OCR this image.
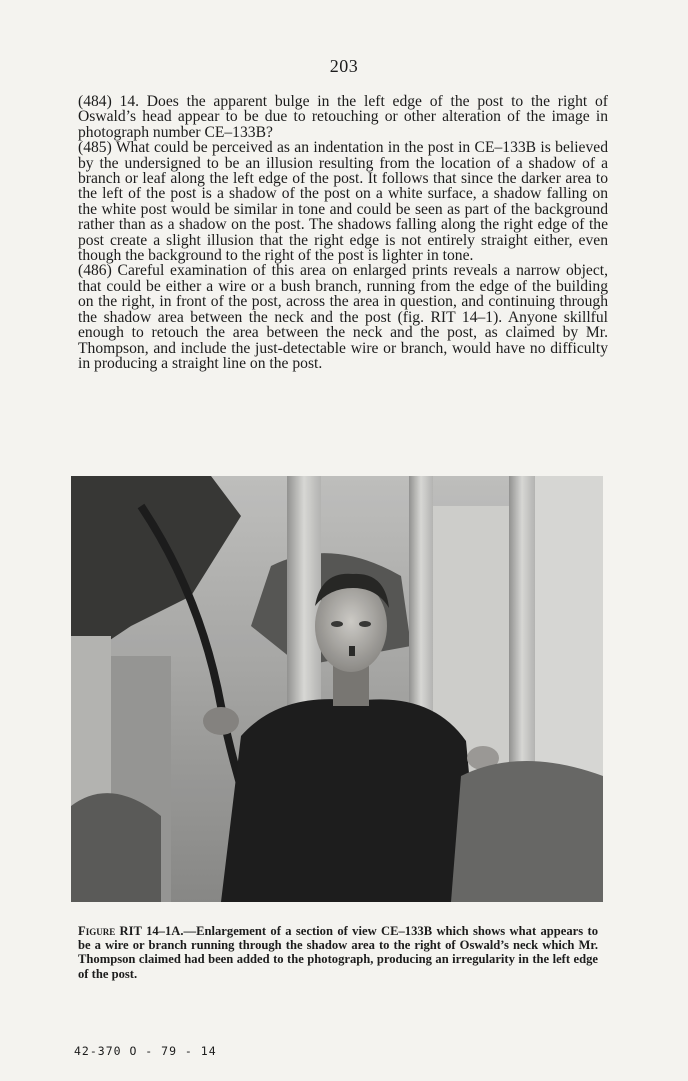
203

(484) 14. Does the apparent bulge in the left edge of the post to the right of Oswald’s head appear to be due to retouching or other alteration of the image in photograph number CE–133B?

(485) What could be perceived as an indentation in the post in CE–133B is believed by the undersigned to be an illusion resulting from the location of a shadow of a branch or leaf along the left edge of the post. It follows that since the darker area to the left of the post is a shadow of the post on a white surface, a shadow falling on the white post would be similar in tone and could be seen as part of the background rather than as a shadow on the post. The shadows falling along the right edge of the post create a slight illusion that the right edge is not entirely straight either, even though the background to the right of the post is lighter in tone.

(486) Careful examination of this area on enlarged prints reveals a narrow object, that could be either a wire or a bush branch, running from the edge of the building on the right, in front of the post, across the area in question, and continuing through the shadow area between the neck and the post (fig. RIT 14–1). Anyone skillful enough to retouch the area between the neck and the post, as claimed by Mr. Thompson, and include the just-detectable wire or branch, would have no difficulty in producing a straight line on the post.

Figure RIT 14–1A.—Enlargement of a section of view CE–133B which shows what appears to be a wire or branch running through the shadow area to the right of Oswald’s neck which Mr. Thompson claimed had been added to the photograph, producing an irregularity in the left edge of the post.
42-370 O - 79 - 14
